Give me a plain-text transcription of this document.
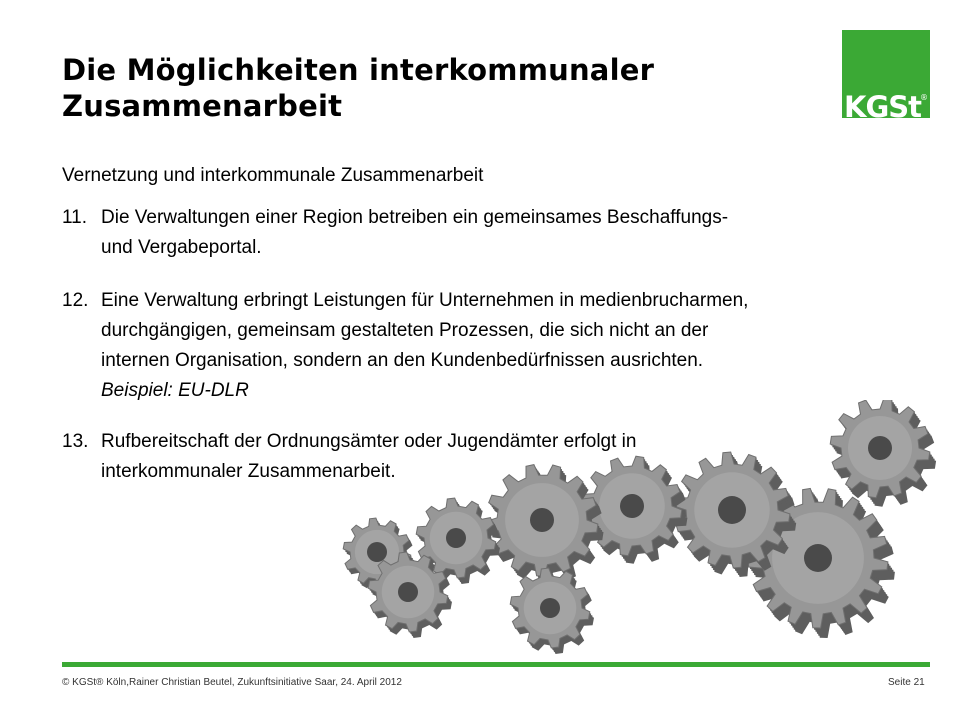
Die Möglichkeiten interkommunaler
Zusammenarbeit	KGSt
®
Vernetzung und interkommunale Zusammenarbeit
11. Die Verwaltungen einer Region betreiben ein gemeinsames Beschaffungs-
und Vergabeportal.
12. Eine Verwaltung erbringt Leistungen für Unternehmen in medienbrucharmen,
durchgängigen, gemeinsam gestalteten Prozessen, die sich nicht an der
internen Organisation, sondern an den Kundenbedürfnissen ausrichten.
Beispiel: EU-DLR
13. Rufbereitschaft der Ordnungsämter oder Jugendämter erfolgt in
interkommunaler Zusammenarbeit.
© KGSt® Köln,Rainer Christian Beutel, Zukunftsinitiative Saar, 24. April 2012	Seite 21
